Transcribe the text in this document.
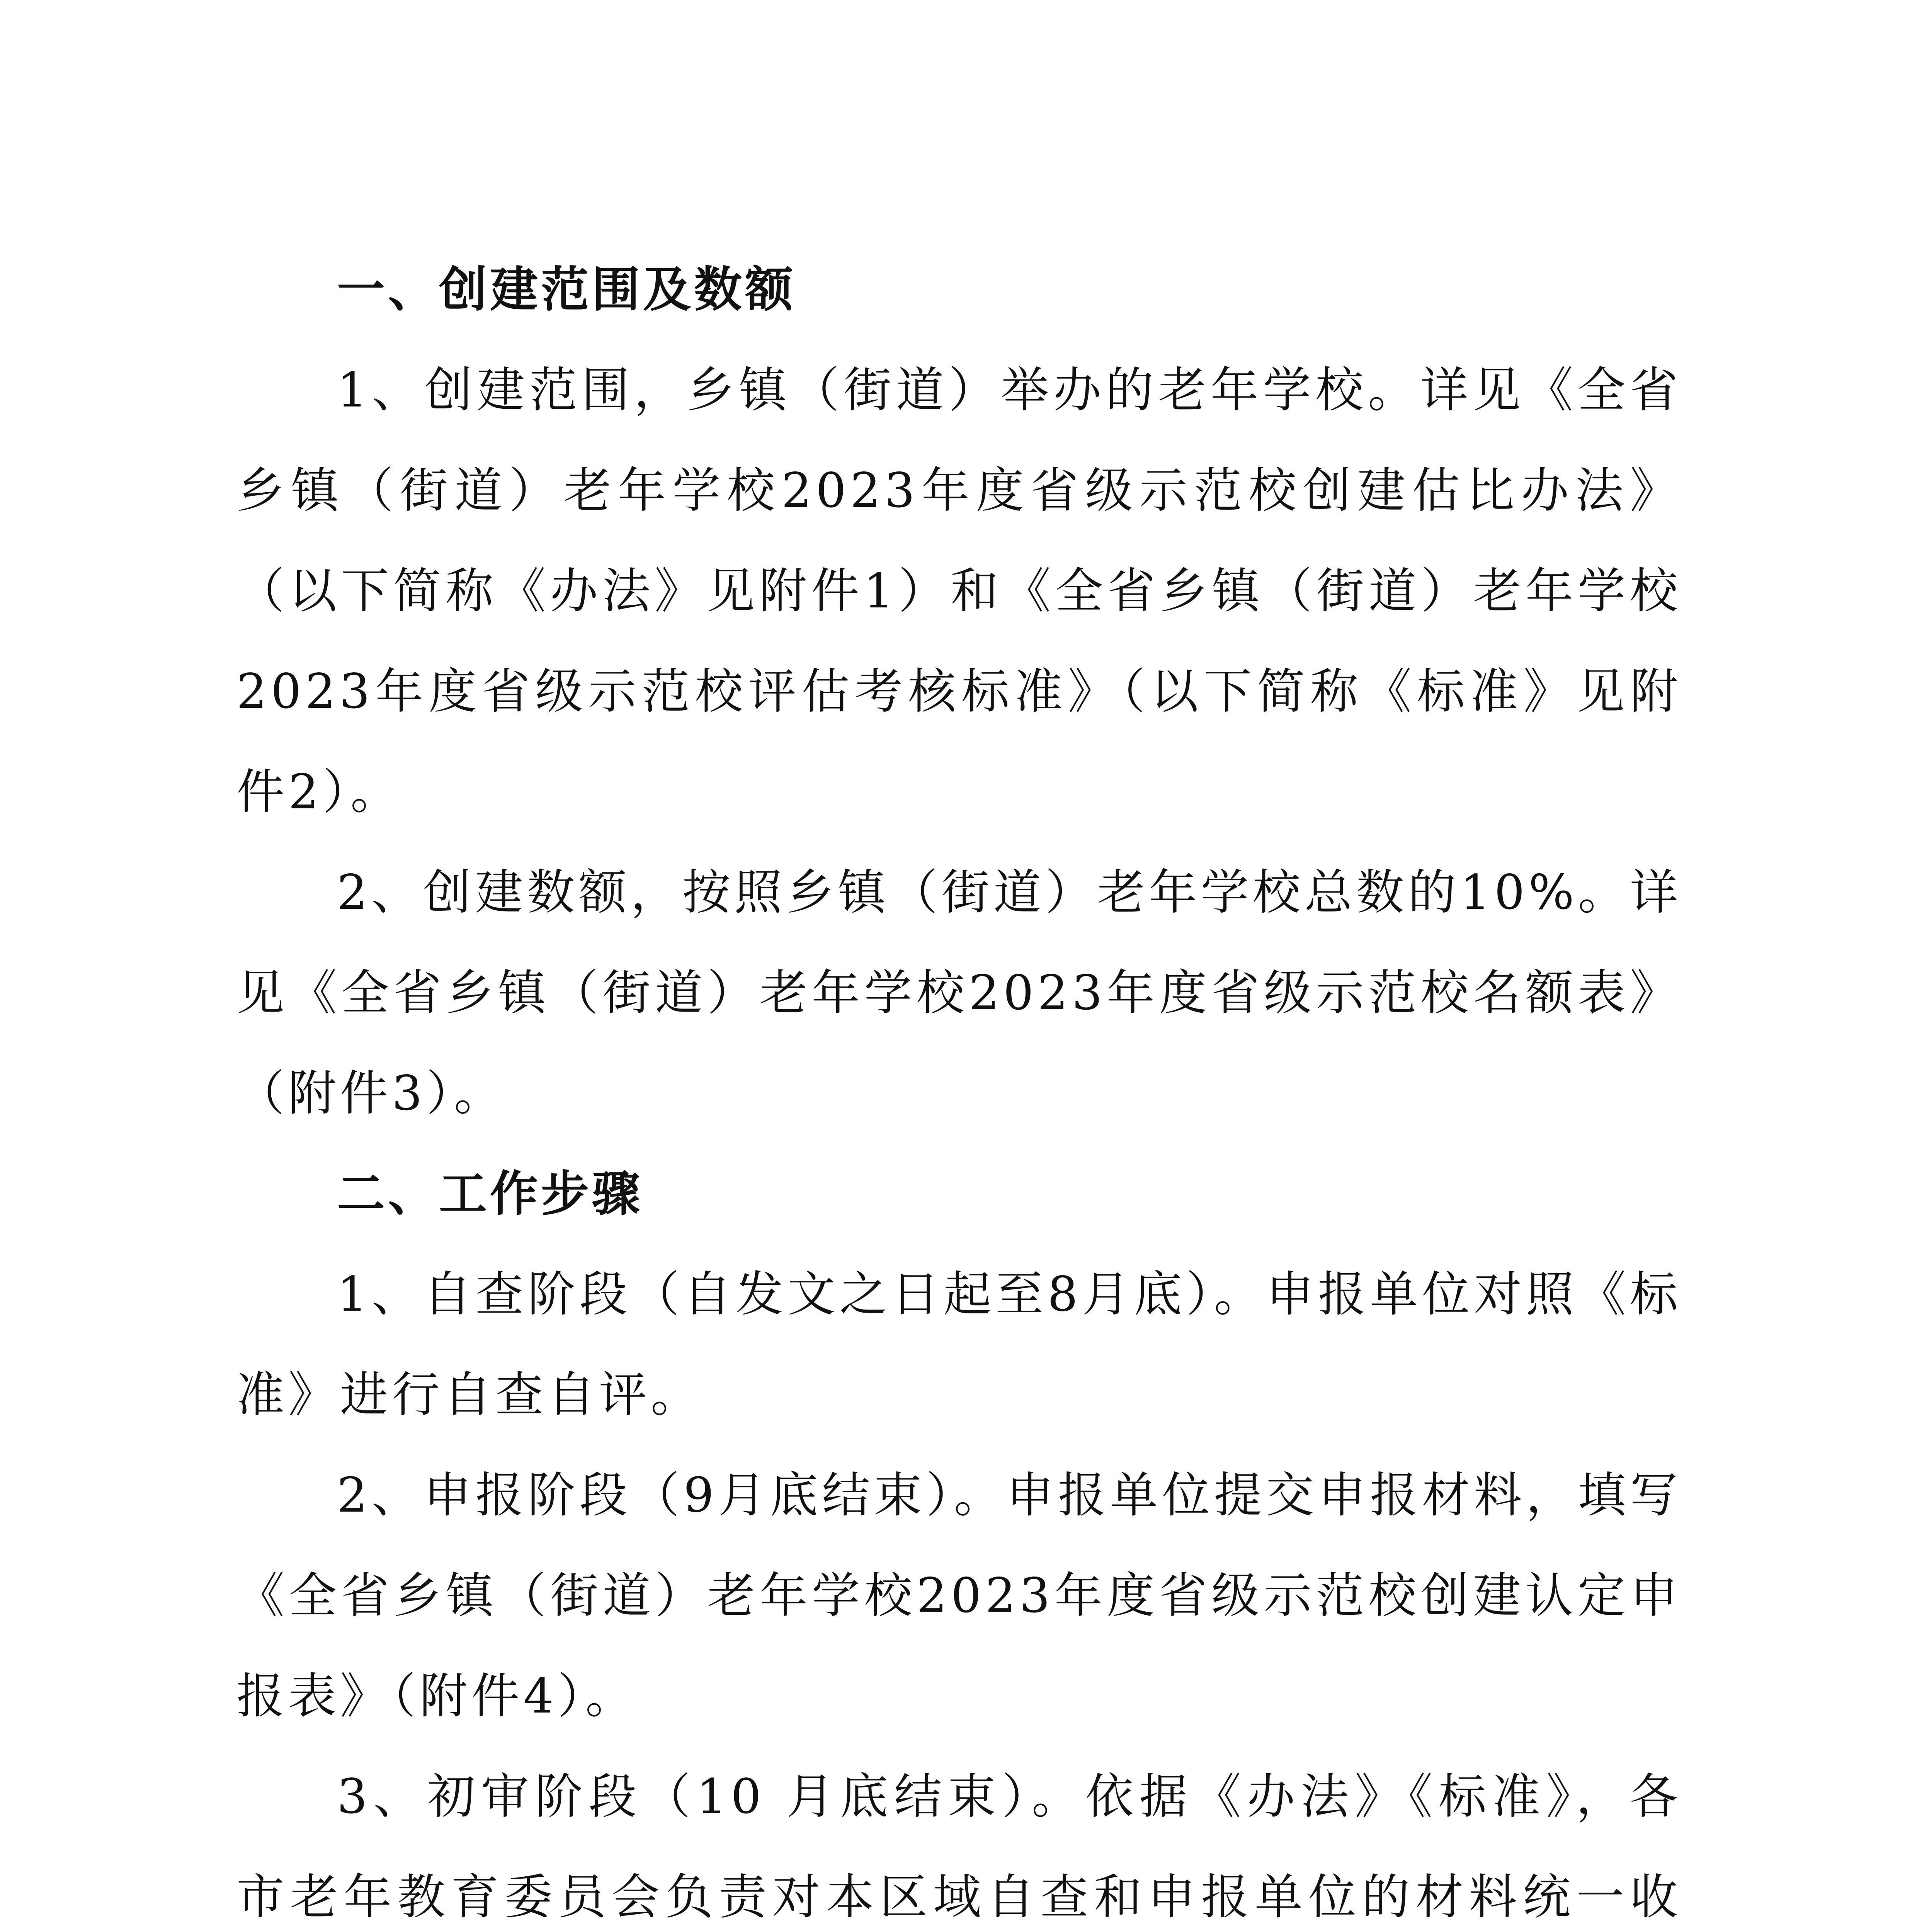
一、创建范围及数额

1、创建范围，乡镇（街道）举办的老年学校。详见《全省乡镇（街道）老年学校2023年度省级示范校创建估比办法》（以下简称《办法》见附件1）和《全省乡镇（街道）老年学校2023年度省级示范校评估考核标准》（以下简称《标准》见附件2）。

2、创建数额，按照乡镇（街道）老年学校总数的10%。详见《全省乡镇（街道）老年学校2023年度省级示范校名额表》（附件3）。

二、工作步骤

1、自查阶段（自发文之日起至8月底）。申报单位对照《标准》进行自查自评。

2、申报阶段（9月底结束）。申报单位提交申报材料，填写《全省乡镇（街道）老年学校2023年度省级示范校创建认定申报表》（附件4）。

3、初审阶段（10 月底结束）。依据《办法》《标准》，各市老年教育委员会负责对本区域自查和申报单位的材料统一收
